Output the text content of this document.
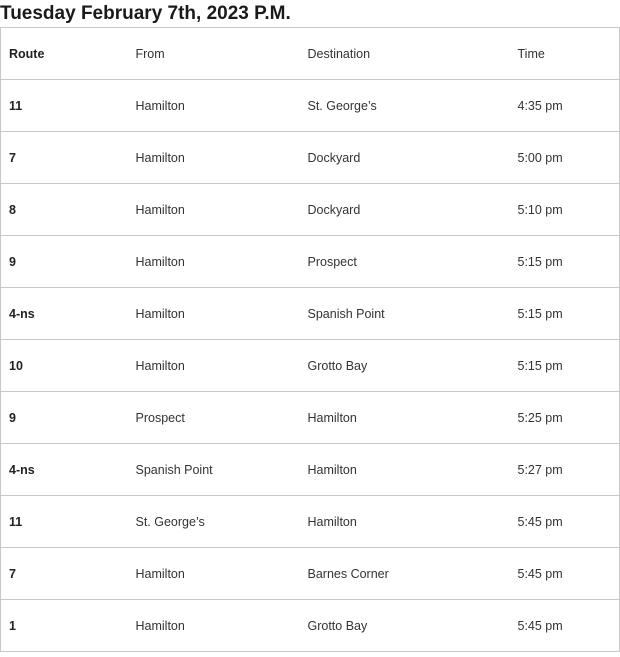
Tuesday February 7th, 2023 P.M.
Route	From	Destination	Time
11	Hamilton	St. George’s	4:35 pm
7	Hamilton	Dockyard	5:00 pm
8	Hamilton	Dockyard	5:10 pm
9	Hamilton	Prospect	5:15 pm
4-ns	Hamilton	Spanish Point	5:15 pm
10	Hamilton	Grotto Bay	5:15 pm
9	Prospect	Hamilton	5:25 pm
4-ns	Spanish Point	Hamilton	5:27 pm
11	St. George’s	Hamilton	5:45 pm
7	Hamilton	Barnes Corner	5:45 pm
1	Hamilton	Grotto Bay	5:45 pm
